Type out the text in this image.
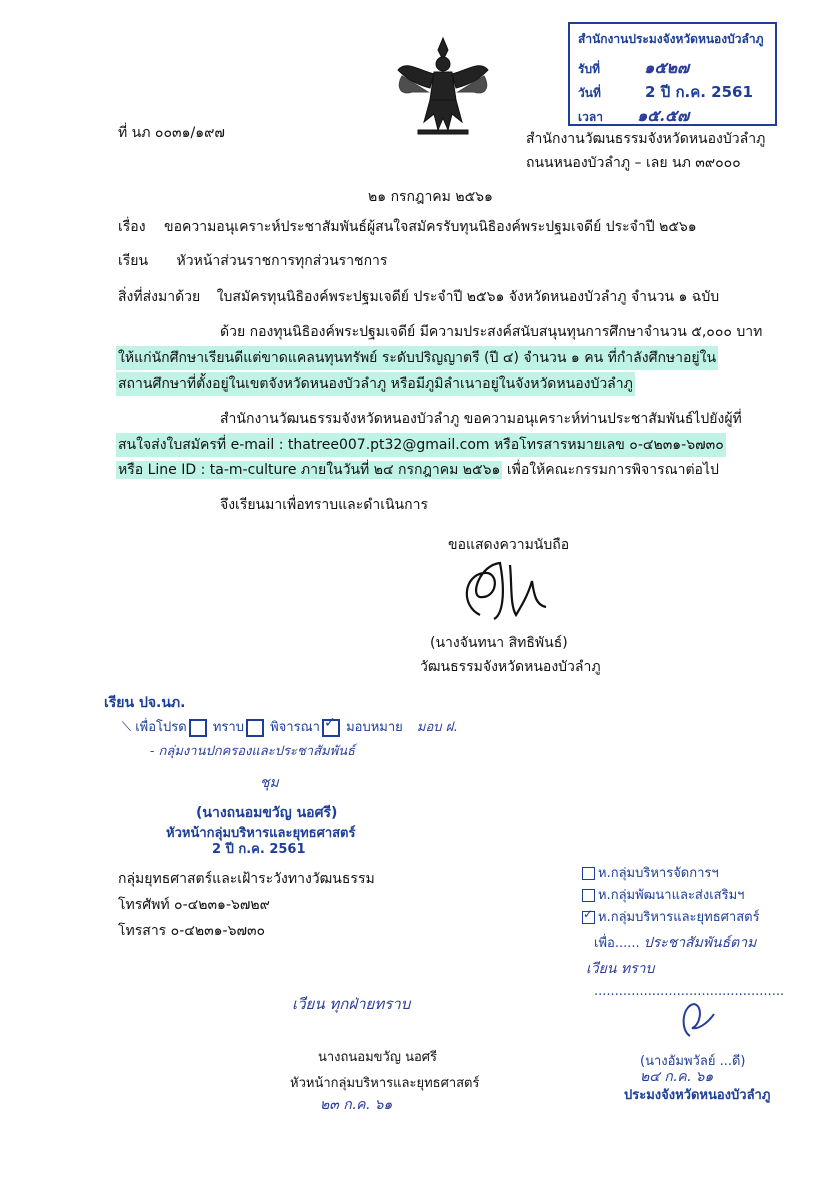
สำนักงานประมงจังหวัดหนองบัวลำภู
รับที่	๑๕๒๗
วันที่	2 ปี ก.ค. 2561
เวลา ๑๕.๕๗
ที่ นภ ๐๐๓๑/๑๙๗	สำนักงานวัฒนธรรมจังหวัดหนองบัวลำภู
ถนนหนองบัวลำภู – เลย นภ ๓๙๐๐๐
๒๑ กรกฎาคม ๒๕๖๑
เรื่อง ขอความอนุเคราะห์ประชาสัมพันธ์ผู้สนใจสมัครรับทุนนิธิองค์พระปฐมเจดีย์ ประจำปี ๒๕๖๑
เรียน หัวหน้าส่วนราชการทุกส่วนราชการ
สิ่งที่ส่งมาด้วย ใบสมัครทุนนิธิองค์พระปฐมเจดีย์ ประจำปี ๒๕๖๑ จังหวัดหนองบัวลำภู จำนวน ๑ ฉบับ
ด้วย กองทุนนิธิองค์พระปฐมเจดีย์ มีความประสงค์สนับสนุนทุนการศึกษาจำนวน ๕,๐๐๐ บาท
ให้แก่นักศึกษาเรียนดีแต่ขาดแคลนทุนทรัพย์ ระดับปริญญาตรี (ปี ๔) จำนวน ๑ คน ที่กำลังศึกษาอยู่ใน
สถานศึกษาที่ตั้งอยู่ในเขตจังหวัดหนองบัวลำภู หรือมีภูมิลำเนาอยู่ในจังหวัดหนองบัวลำภู
สำนักงานวัฒนธรรมจังหวัดหนองบัวลำภู ขอความอนุเคราะห์ท่านประชาสัมพันธ์ไปยังผู้ที่
สนใจส่งใบสมัครที่ e-mail : thatree007.pt32@gmail.com หรือโทรสารหมายเลข ๐-๔๒๓๑-๖๗๓๐
หรือ Line ID : ta-m-culture ภายในวันที่ ๒๔ กรกฎาคม ๒๕๖๑ เพื่อให้คณะกรรมการพิจารณาต่อไป
จึงเรียนมาเพื่อทราบและดำเนินการ
ขอแสดงความนับถือ
(นางจันทนา สิทธิพันธ์)
วัฒนธรรมจังหวัดหนองบัวลำภู
เรียน ปจ.นภ.
⟍ เพื่อโปรด ทราบ พิจารณา ✓ มอบหมาย มอบ ฝ.
- กลุ่มงานปกครองและประชาสัมพันธ์
ชุม
(นางถนอมขวัญ นอศรี)
หัวหน้ากลุ่มบริหารและยุทธศาสตร์
2 ปี ก.ค. 2561
กลุ่มยุทธศาสตร์และเฝ้าระวังทางวัฒนธรรม
โทรศัพท์ ๐-๔๒๓๑-๖๗๒๙
โทรสาร ๐-๔๒๓๑-๖๗๓๐
ห.กลุ่มบริหารจัดการฯ
ห.กลุ่มพัฒนาและส่งเสริมฯ
✓ ห.กลุ่มบริหารและยุทธศาสตร์
เพื่อ...... ประชาสัมพันธ์ตาม
เวียน ทราบ
..............................................
(นางอัมพวัลย์ ...ดี)
๒๔ ก.ค. ๖๑
ประมงจังหวัดหนองบัวลำภู
เวียน ทุกฝ่ายทราบ
นางถนอมขวัญ นอศรี
หัวหน้ากลุ่มบริหารและยุทธศาสตร์
๒๓ ก.ค. ๖๑
